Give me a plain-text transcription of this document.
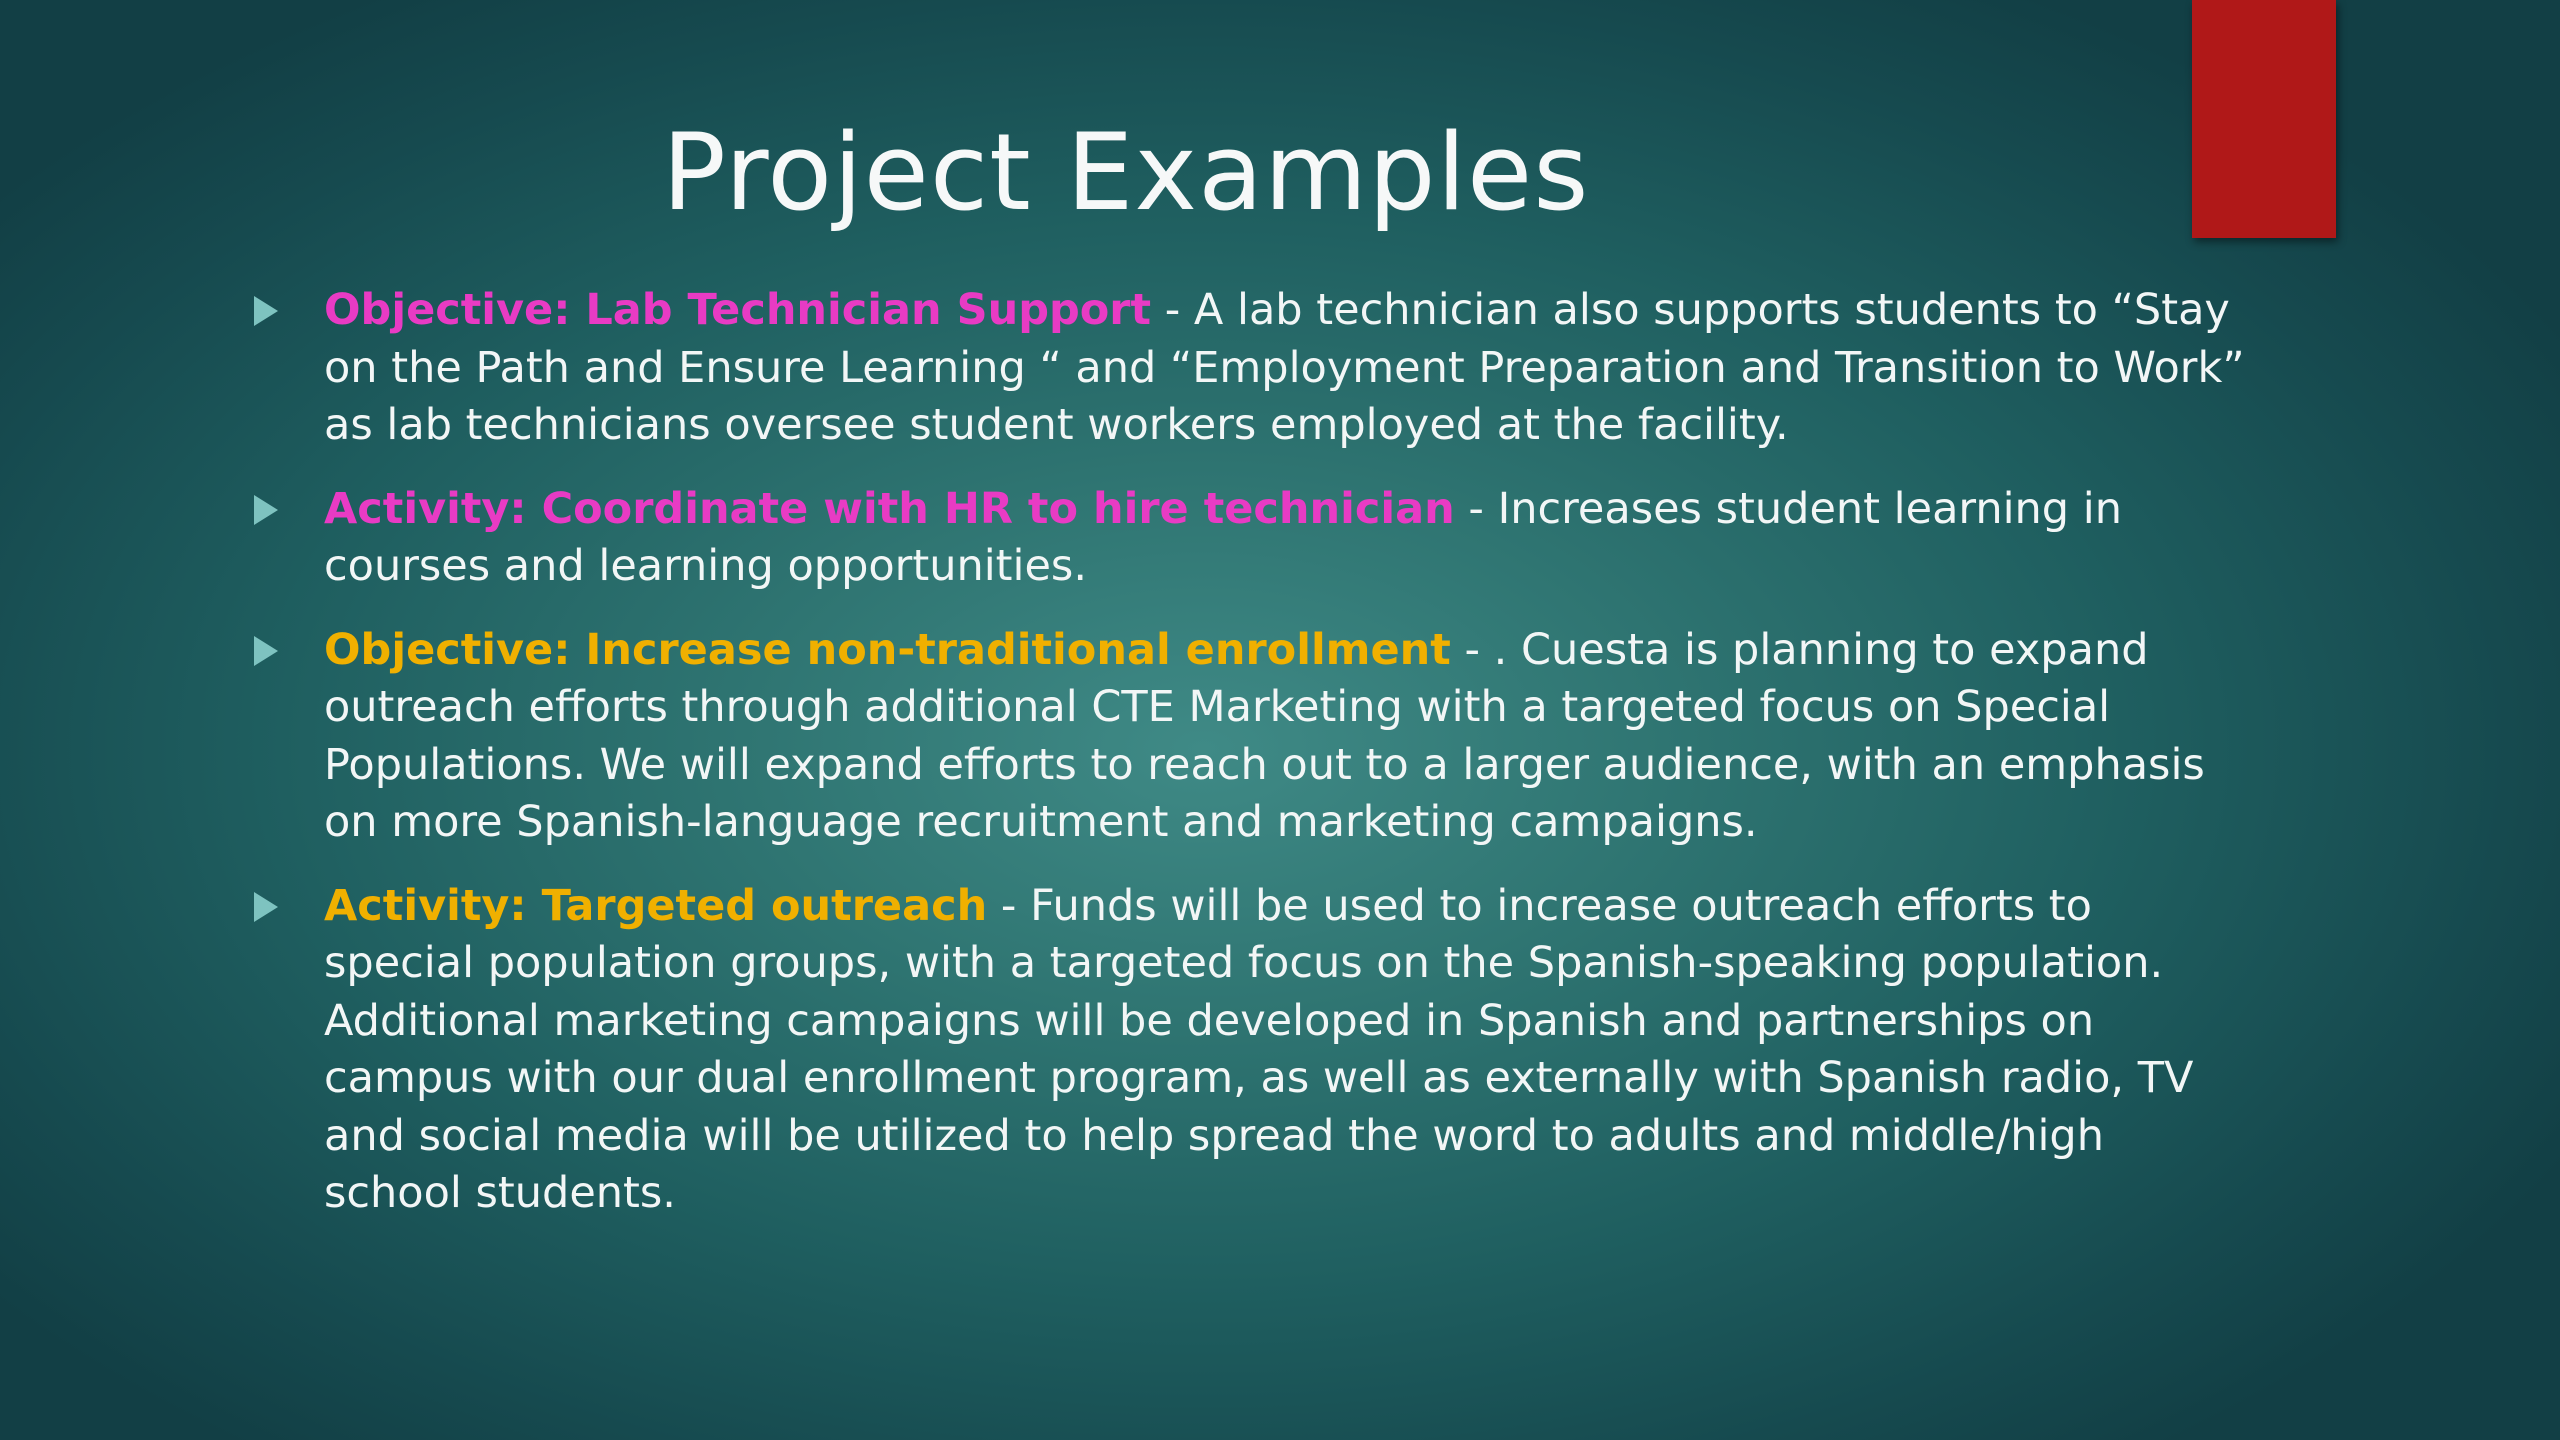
Project Examples
Objective: Lab Technician Support - A lab technician also supports students to “Stay on the Path and Ensure Learning “ and “Employment Preparation and Transition to Work” as lab technicians oversee student workers employed at the facility.
Activity: Coordinate with HR to hire technician - Increases student learning in courses and learning opportunities.
Objective: Increase non-traditional enrollment - . Cuesta is planning to expand outreach efforts through additional CTE Marketing with a targeted focus on Special Populations. We will expand efforts to reach out to a larger audience, with an emphasis on more Spanish-language recruitment and marketing campaigns.
Activity: Targeted outreach - Funds will be used to increase outreach efforts to special population groups, with a targeted focus on the Spanish-speaking population. Additional marketing campaigns will be developed in Spanish and partnerships on campus with our dual enrollment program, as well as externally with Spanish radio, TV and social media will be utilized to help spread the word to adults and middle/high school students.
